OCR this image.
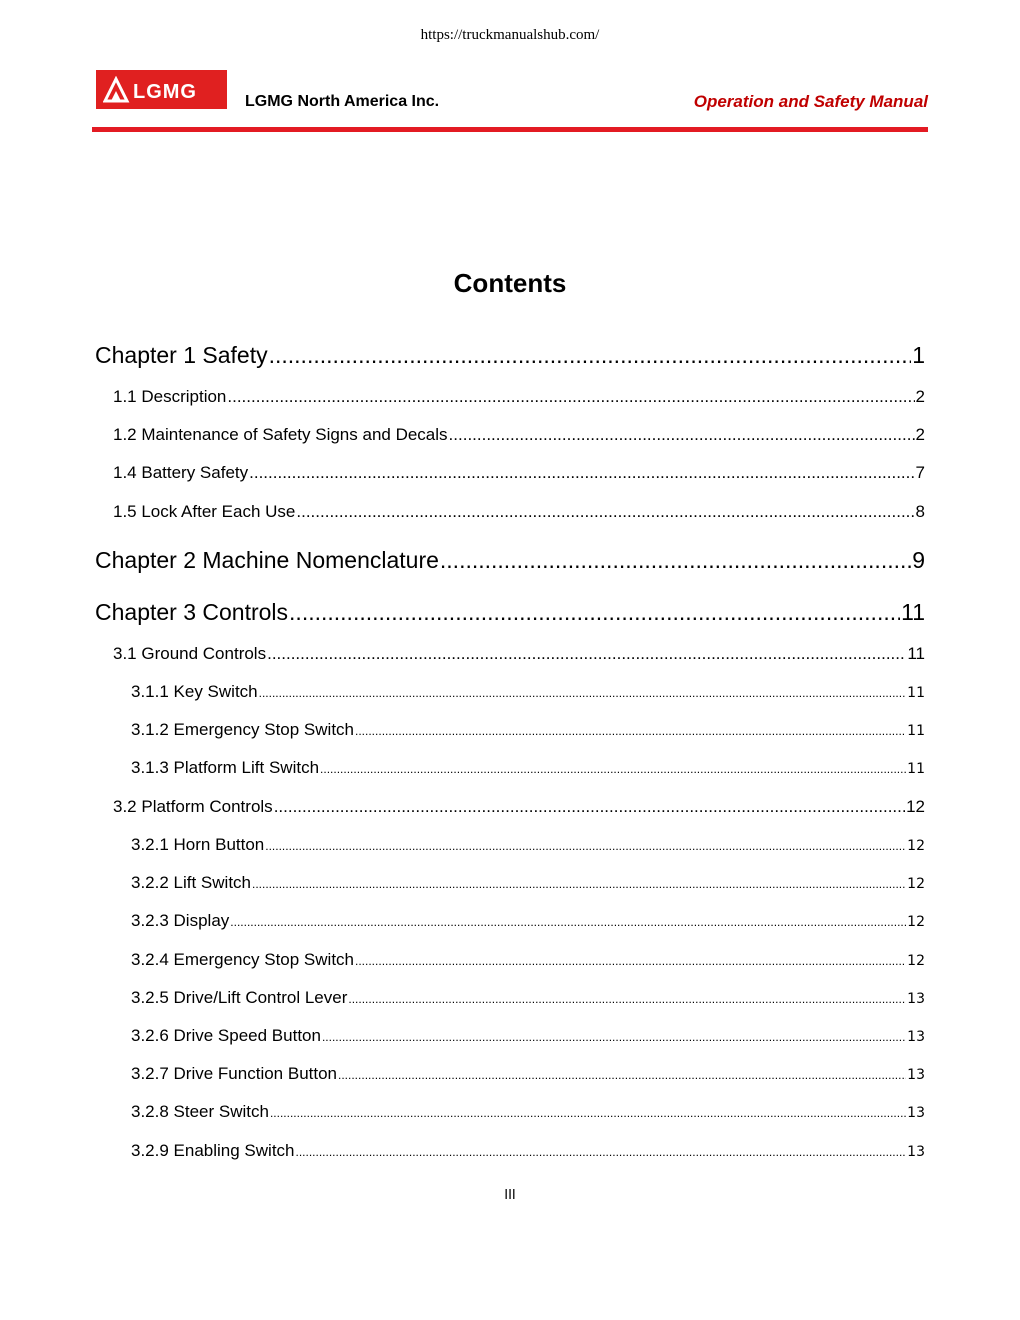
https://truckmanualshub.com/
LGMG	LGMG North America Inc.	Operation and Safety Manual
Contents
Chapter 1 Safety .....	1
1.1 Description .....	2
1.2 Maintenance of Safety Signs and Decals .....	2
1.4 Battery Safety .....	7
1.5 Lock After Each Use .....	8
Chapter 2 Machine Nomenclature .....	9
Chapter 3 Controls .....	11
3.1 Ground Controls .....	11
3.1.1 Key Switch .....	11
3.1.2 Emergency Stop Switch .....	11
3.1.3 Platform Lift Switch .....	11
3.2 Platform Controls .....	12
3.2.1 Horn Button .....	12
3.2.2 Lift Switch .....	12
3.2.3 Display .....	12
3.2.4 Emergency Stop Switch .....	12
3.2.5 Drive/Lift Control Lever .....	13
3.2.6 Drive Speed Button .....	13
3.2.7 Drive Function Button .....	13
3.2.8 Steer Switch .....	13
3.2.9 Enabling Switch .....	13
III
